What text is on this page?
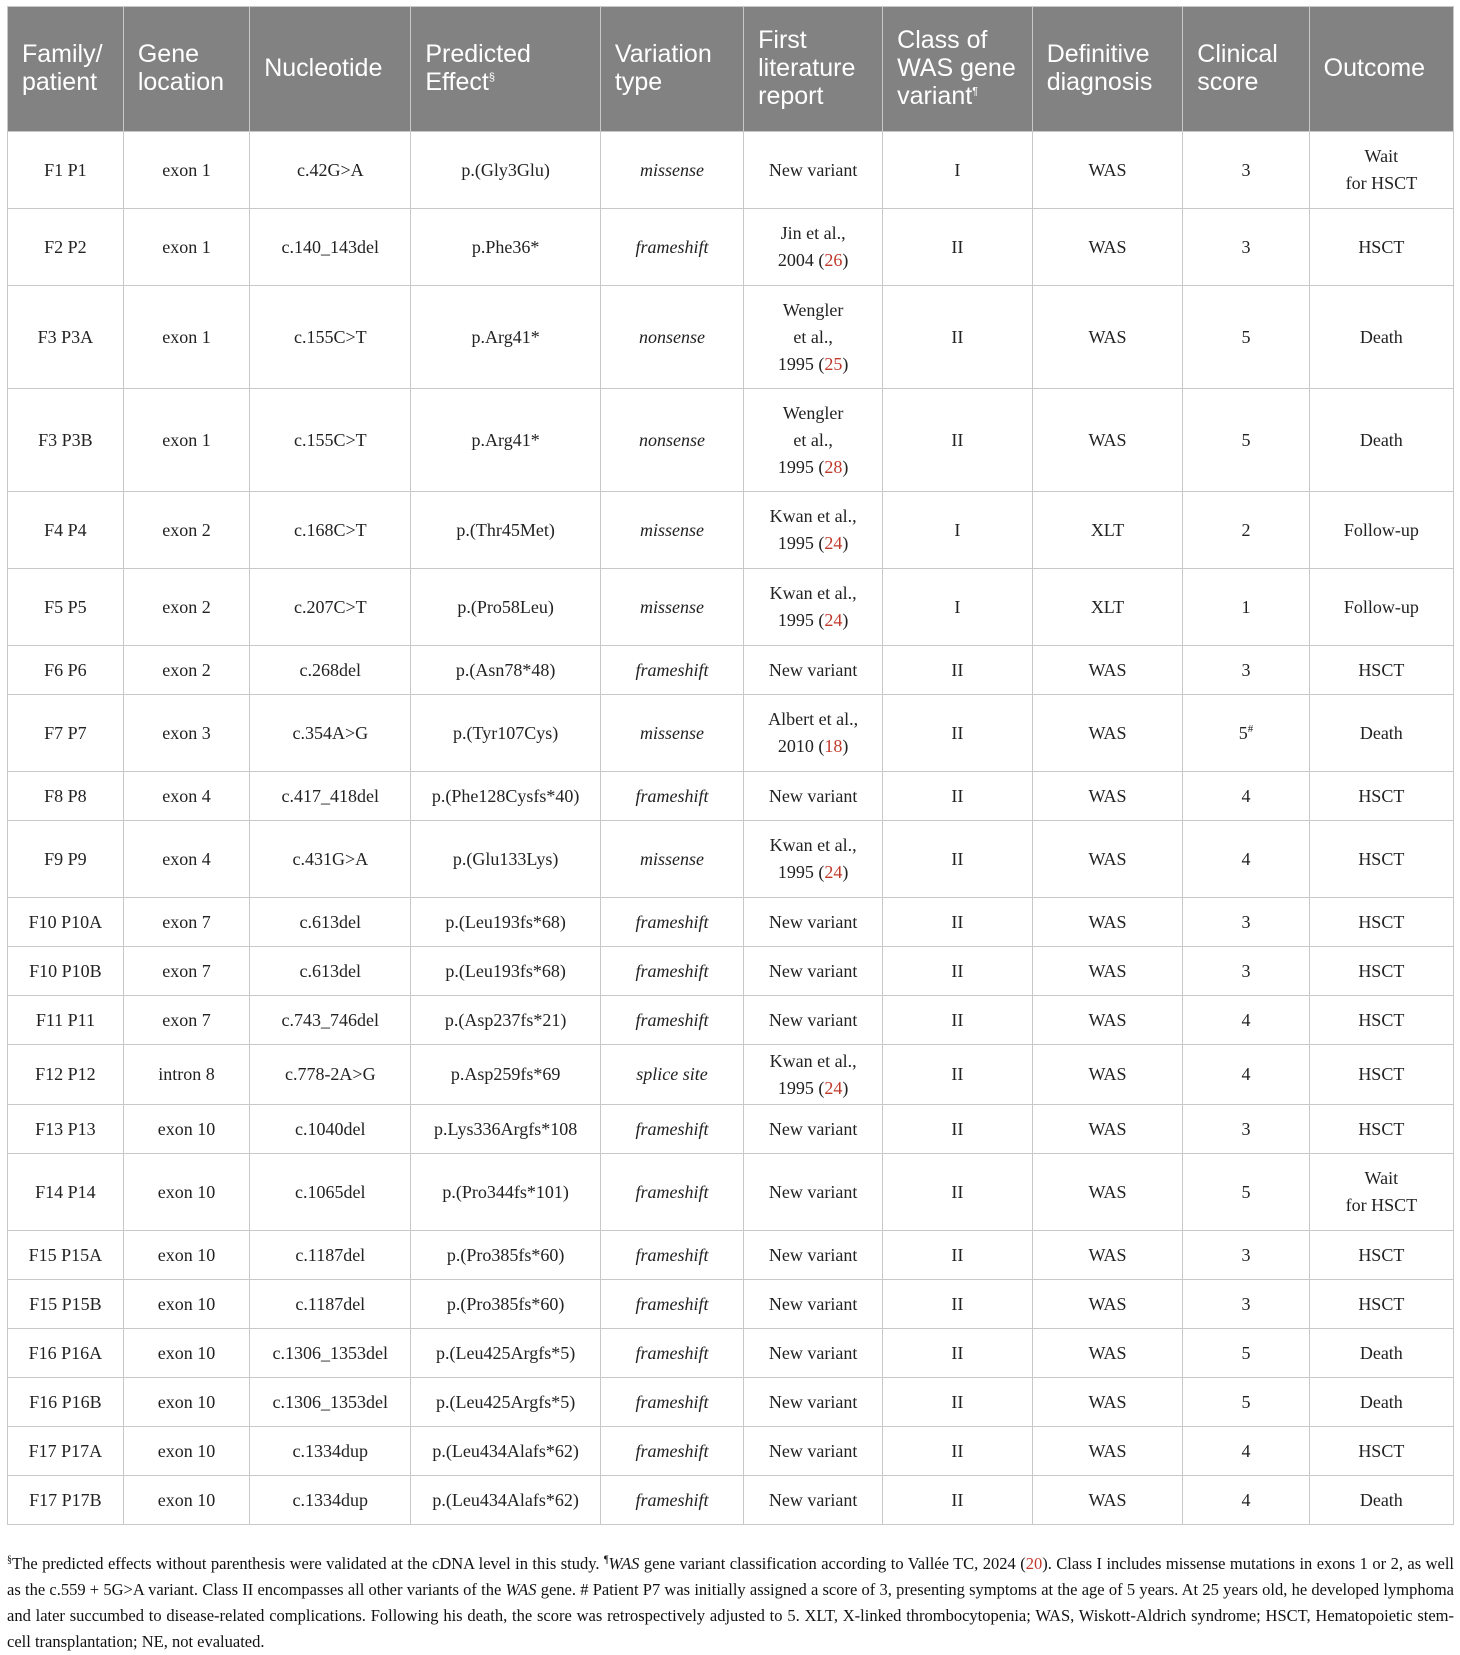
Family/ patient	Gene location	Nucleotide	Predicted Effect§	Variation type	First literature report	Class of WAS gene variant¶	Definitive diagnosis	Clinical score	Outcome
F1 P1	exon 1	c.42G>A	p.(Gly3Glu)	missense	New variant	I	WAS	3	Wait
for HSCT
F2 P2	exon 1	c.140_143del	p.Phe36*	frameshift	Jin et al.,
2004 (26)	II	WAS	3	HSCT
F3 P3A	exon 1	c.155C>T	p.Arg41*	nonsense	Wengler
et al.,
1995 (25)	II	WAS	5	Death
F3 P3B	exon 1	c.155C>T	p.Arg41*	nonsense	Wengler
et al.,
1995 (28)	II	WAS	5	Death
F4 P4	exon 2	c.168C>T	p.(Thr45Met)	missense	Kwan et al.,
1995 (24)	I	XLT	2	Follow-up
F5 P5	exon 2	c.207C>T	p.(Pro58Leu)	missense	Kwan et al.,
1995 (24)	I	XLT	1	Follow-up
F6 P6	exon 2	c.268del	p.(Asn78*48)	frameshift	New variant	II	WAS	3	HSCT
F7 P7	exon 3	c.354A>G	p.(Tyr107Cys)	missense	Albert et al.,
2010 (18)	II	WAS	5#	Death
F8 P8	exon 4	c.417_418del	p.(Phe128Cysfs*40)	frameshift	New variant	II	WAS	4	HSCT
F9 P9	exon 4	c.431G>A	p.(Glu133Lys)	missense	Kwan et al.,
1995 (24)	II	WAS	4	HSCT
F10 P10A	exon 7	c.613del	p.(Leu193fs*68)	frameshift	New variant	II	WAS	3	HSCT
F10 P10B	exon 7	c.613del	p.(Leu193fs*68)	frameshift	New variant	II	WAS	3	HSCT
F11 P11	exon 7	c.743_746del	p.(Asp237fs*21)	frameshift	New variant	II	WAS	4	HSCT
F12 P12	intron 8	c.778-2A>G	p.Asp259fs*69	splice site	Kwan et al.,
1995 (24)	II	WAS	4	HSCT
F13 P13	exon 10	c.1040del	p.Lys336Argfs*108	frameshift	New variant	II	WAS	3	HSCT
F14 P14	exon 10	c.1065del	p.(Pro344fs*101)	frameshift	New variant	II	WAS	5	Wait
for HSCT
F15 P15A	exon 10	c.1187del	p.(Pro385fs*60)	frameshift	New variant	II	WAS	3	HSCT
F15 P15B	exon 10	c.1187del	p.(Pro385fs*60)	frameshift	New variant	II	WAS	3	HSCT
F16 P16A	exon 10	c.1306_1353del	p.(Leu425Argfs*5)	frameshift	New variant	II	WAS	5	Death
F16 P16B	exon 10	c.1306_1353del	p.(Leu425Argfs*5)	frameshift	New variant	II	WAS	5	Death
F17 P17A	exon 10	c.1334dup	p.(Leu434Alafs*62)	frameshift	New variant	II	WAS	4	HSCT
F17 P17B	exon 10	c.1334dup	p.(Leu434Alafs*62)	frameshift	New variant	II	WAS	4	Death
§The predicted effects without parenthesis were validated at the cDNA level in this study. ¶WAS gene variant classification according to Vallée TC, 2024 (20). Class I includes missense mutations in exons 1 or 2, as well as the c.559 + 5G>A variant. Class II encompasses all other variants of the WAS gene. # Patient P7 was initially assigned a score of 3, presenting symptoms at the age of 5 years. At 25 years old, he developed lymphoma and later succumbed to disease-related complications. Following his death, the score was retrospectively adjusted to 5. XLT, X-linked thrombocytopenia; WAS, Wiskott-Aldrich syndrome; HSCT, Hematopoietic stem-cell transplantation; NE, not evaluated.
